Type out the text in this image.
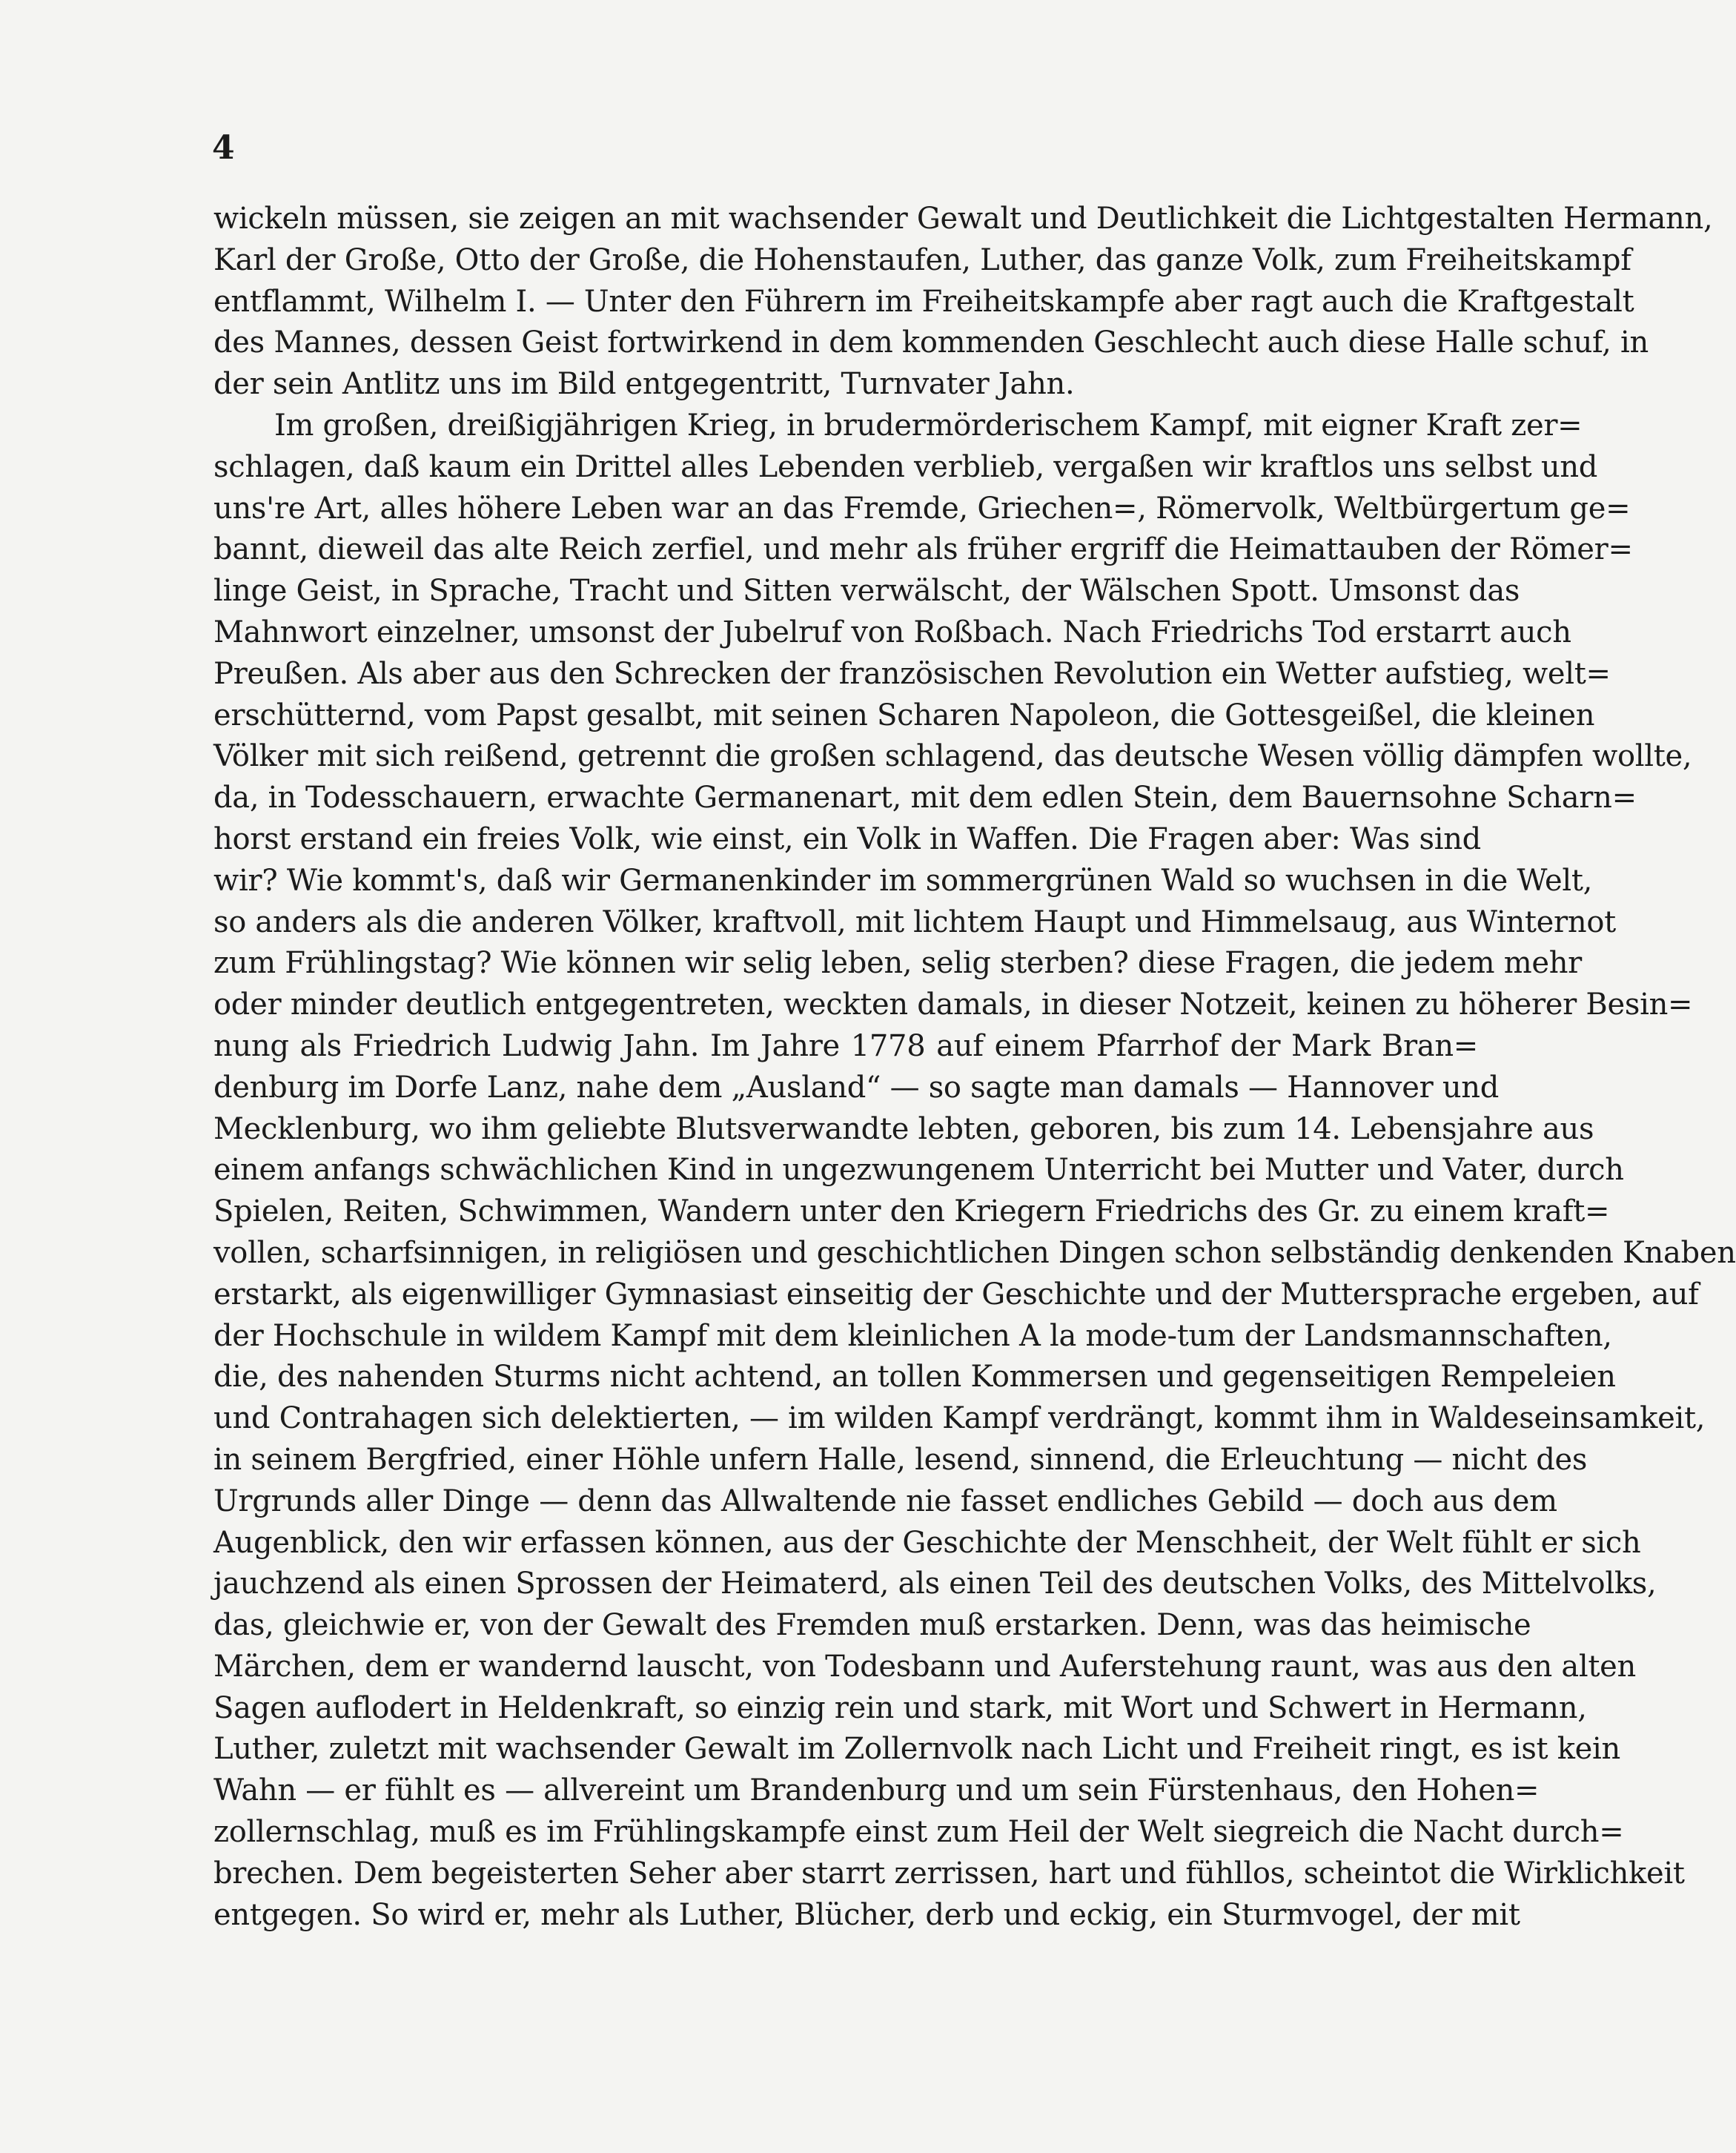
4
wickeln müssen, sie zeigen an mit wachsender Gewalt und Deutlichkeit die Lichtgestalten Hermann,
Karl der Große, Otto der Große, die Hohenstaufen, Luther, das ganze Volk, zum Freiheitskampf
entflammt, Wilhelm I. — Unter den Führern im Freiheitskampfe aber ragt auch die Kraftgestalt
des Mannes, dessen Geist fortwirkend in dem kommenden Geschlecht auch diese Halle schuf, in
der sein Antlitz uns im Bild entgegentritt, Turnvater Jahn.
Im großen, dreißigjährigen Krieg, in brudermörderischem Kampf, mit eigner Kraft zer=
schlagen, daß kaum ein Drittel alles Lebenden verblieb, vergaßen wir kraftlos uns selbst und
uns're Art, alles höhere Leben war an das Fremde, Griechen=, Römervolk, Weltbürgertum ge=
bannt, dieweil das alte Reich zerfiel, und mehr als früher ergriff die Heimattauben der Römer=
linge Geist, in Sprache, Tracht und Sitten verwälscht, der Wälschen Spott. Umsonst das
Mahnwort einzelner, umsonst der Jubelruf von Roßbach. Nach Friedrichs Tod erstarrt auch
Preußen. Als aber aus den Schrecken der französischen Revolution ein Wetter aufstieg, welt=
erschütternd, vom Papst gesalbt, mit seinen Scharen Napoleon, die Gottesgeißel, die kleinen
Völker mit sich reißend, getrennt die großen schlagend, das deutsche Wesen völlig dämpfen wollte,
da, in Todesschauern, erwachte Germanenart, mit dem edlen Stein, dem Bauernsohne Scharn=
horst erstand ein freies Volk, wie einst, ein Volk in Waffen. Die Fragen aber: Was sind
wir? Wie kommt's, daß wir Germanenkinder im sommergrünen Wald so wuchsen in die Welt,
so anders als die anderen Völker, kraftvoll, mit lichtem Haupt und Himmelsaug, aus Winternot
zum Frühlingstag? Wie können wir selig leben, selig sterben? diese Fragen, die jedem mehr
oder minder deutlich entgegentreten, weckten damals, in dieser Notzeit, keinen zu höherer Besin=
nung als Friedrich Ludwig Jahn. Im Jahre 1778 auf einem Pfarrhof der Mark Bran=
denburg im Dorfe Lanz, nahe dem „Ausland“ — so sagte man damals — Hannover und
Mecklenburg, wo ihm geliebte Blutsverwandte lebten, geboren, bis zum 14. Lebensjahre aus
einem anfangs schwächlichen Kind in ungezwungenem Unterricht bei Mutter und Vater, durch
Spielen, Reiten, Schwimmen, Wandern unter den Kriegern Friedrichs des Gr. zu einem kraft=
vollen, scharfsinnigen, in religiösen und geschichtlichen Dingen schon selbständig denkenden Knaben
erstarkt, als eigenwilliger Gymnasiast einseitig der Geschichte und der Muttersprache ergeben, auf
der Hochschule in wildem Kampf mit dem kleinlichen A la mode-tum der Landsmannschaften,
die, des nahenden Sturms nicht achtend, an tollen Kommersen und gegenseitigen Rempeleien
und Contrahagen sich delektierten, — im wilden Kampf verdrängt, kommt ihm in Waldeseinsamkeit,
in seinem Bergfried, einer Höhle unfern Halle, lesend, sinnend, die Erleuchtung — nicht des
Urgrunds aller Dinge — denn das Allwaltende nie fasset endliches Gebild — doch aus dem
Augenblick, den wir erfassen können, aus der Geschichte der Menschheit, der Welt fühlt er sich
jauchzend als einen Sprossen der Heimaterd, als einen Teil des deutschen Volks, des Mittelvolks,
das, gleichwie er, von der Gewalt des Fremden muß erstarken. Denn, was das heimische
Märchen, dem er wandernd lauscht, von Todesbann und Auferstehung raunt, was aus den alten
Sagen auflodert in Heldenkraft, so einzig rein und stark, mit Wort und Schwert in Hermann,
Luther, zuletzt mit wachsender Gewalt im Zollernvolk nach Licht und Freiheit ringt, es ist kein
Wahn — er fühlt es — allvereint um Brandenburg und um sein Fürstenhaus, den Hohen=
zollernschlag, muß es im Frühlingskampfe einst zum Heil der Welt siegreich die Nacht durch=
brechen. Dem begeisterten Seher aber starrt zerrissen, hart und fühllos, scheintot die Wirklichkeit
entgegen. So wird er, mehr als Luther, Blücher, derb und eckig, ein Sturmvogel, der mit
